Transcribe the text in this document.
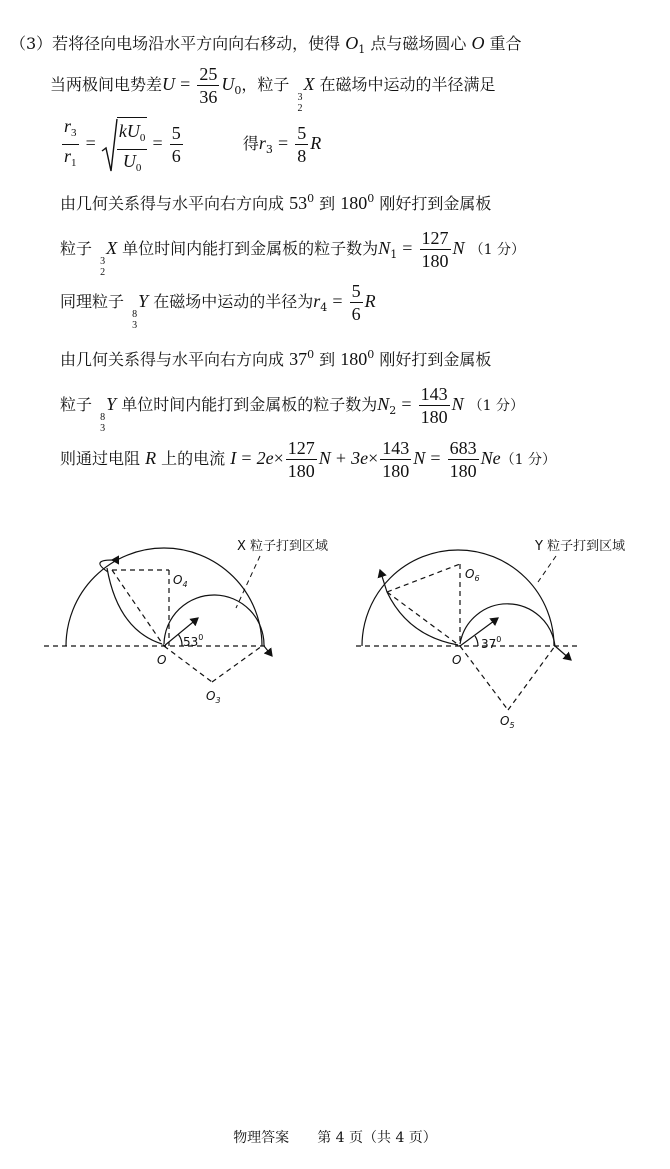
（3）若将径向电场沿水平方向向右移动，使得 $O_1$ 点与磁场圆心 O 重合
当两极间电势差$U = \frac{25}{36} U_0$，粒子
3
2
X 在磁场中运动的半径满足
$\frac{r_3}{r_1} = \frac{kU_0}{U_0} = \frac{5}{6}$	得$r_3 = \frac{5}{8}$ R
由几何关系得与水平向右方向成 $53^0$ 到 $180^0$ 刚好打到金属板
粒子
3
2
X 单位时间内能打到金属板的粒子数为$N_1 = \frac{127}{180}$ N （1 分）
同理粒子
8
3
Y 在磁场中运动的半径为$r_4 = \frac{5}{6}$ R
由几何关系得与水平向右方向成 $37^0$ 到 $180^0$ 刚好打到金属板
粒子
8
3
Y 单位时间内能打到金属板的粒子数为$N_2 = \frac{143}{180}$ N （1 分）
则通过电阻 R 上的电流 $I = 2e\times \frac{127}{180}$ $N + 3e\times \frac{143}{180}$ $N = \frac{683}{180} Ne(1$ 分）
X 粒子打到区域
$O_4$
O
$O_3$
$53^0$
Y 粒子打到区域
$O_6$
O
$O_5$
$37^0$
物理答案 第 4 页（共 4 页）
